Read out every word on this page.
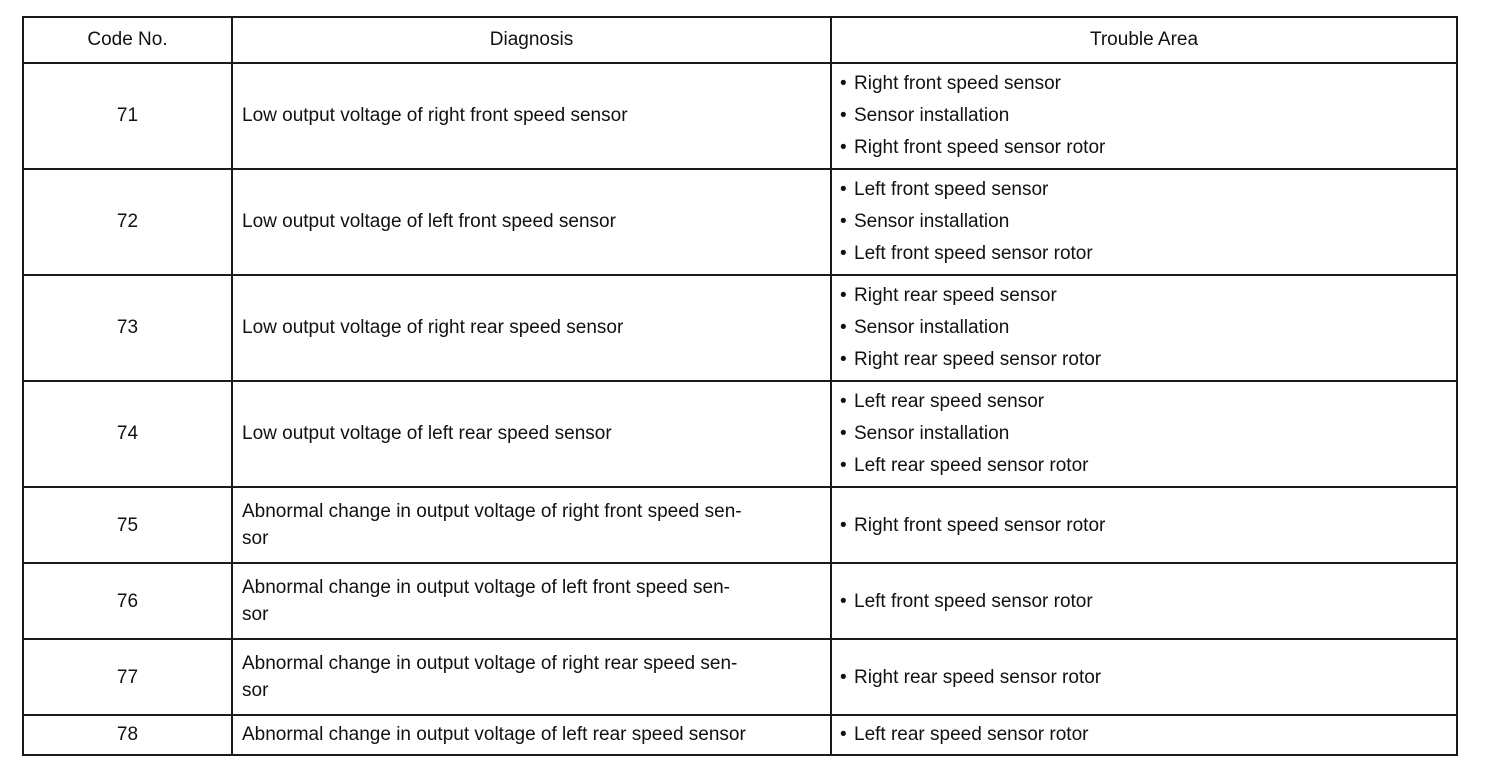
Code No.	Diagnosis	Trouble Area
71	Low output voltage of right front speed sensor	• Right front speed sensor
• Sensor installation
• Right front speed sensor rotor

72	Low output voltage of left front speed sensor	• Left front speed sensor
• Sensor installation
• Left front speed sensor rotor

73	Low output voltage of right rear speed sensor	• Right rear speed sensor
• Sensor installation
• Right rear speed sensor rotor

74	Low output voltage of left rear speed sensor	• Left rear speed sensor
• Sensor installation
• Left rear speed sensor rotor

75	Abnormal change in output voltage of right front speed sen-
sor	• Right front speed sensor rotor

76	Abnormal change in output voltage of left front speed sen-
sor	• Left front speed sensor rotor

77	Abnormal change in output voltage of right rear speed sen-
sor	• Right rear speed sensor rotor

78	Abnormal change in output voltage of left rear speed sensor	• Left rear speed sensor rotor
